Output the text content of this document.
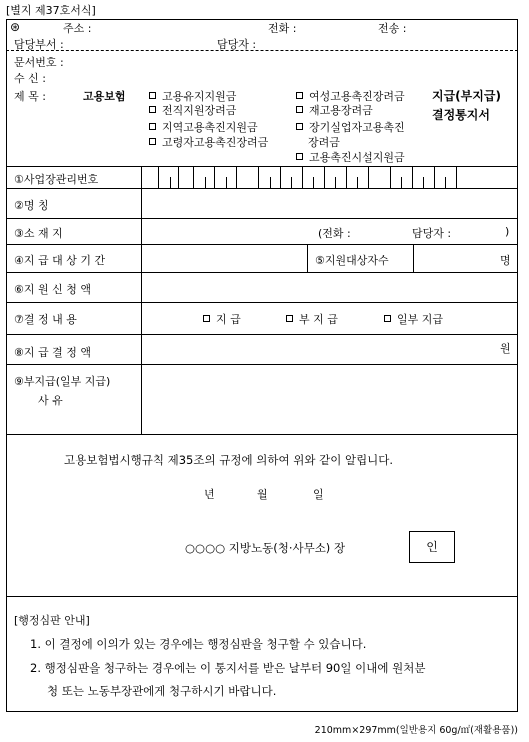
[별지 제37호서식]
⊛	주소 :	전화 :	전송 :
담당부서 :	담당자 :
문서번호 :
수 신 :
제 목 :	고용보험	고용유지지원금
전직지원장려금
지역고용촉진지원금
고령자고용촉진장려금
여성고용촉진장려금
재고용장려금
장기실업자고용촉진
장려금
고용촉진시설지원금
지급(부지급)
결정통지서
①사업장관리번호
②명 칭
③소 재 지	(전화 :	담당자 :	)
④지 급 대 상 기 간	⑤지원대상자수	명
⑥지 원 신 청 액
⑦결 정 내 용	지 급	부 지 급	일부 지급
⑧지 급 결 정 액	원
⑨부지급(일부 지급)
사 유
고용보험법시행규칙 제35조의 규정에 의하여 위와 같이 알립니다.
년	월	일
○○○○ 지방노동(청·사무소) 장	인
[행정심판 안내]
1. 이 결정에 이의가 있는 경우에는 행정심판을 청구할 수 있습니다.
2. 행정심판을 청구하는 경우에는 이 통지서를 받은 날부터 90일 이내에 원처분
청 또는 노동부장관에게 청구하시기 바랍니다.
210mm×297mm(일반용지 60g/㎡(재활용품))
